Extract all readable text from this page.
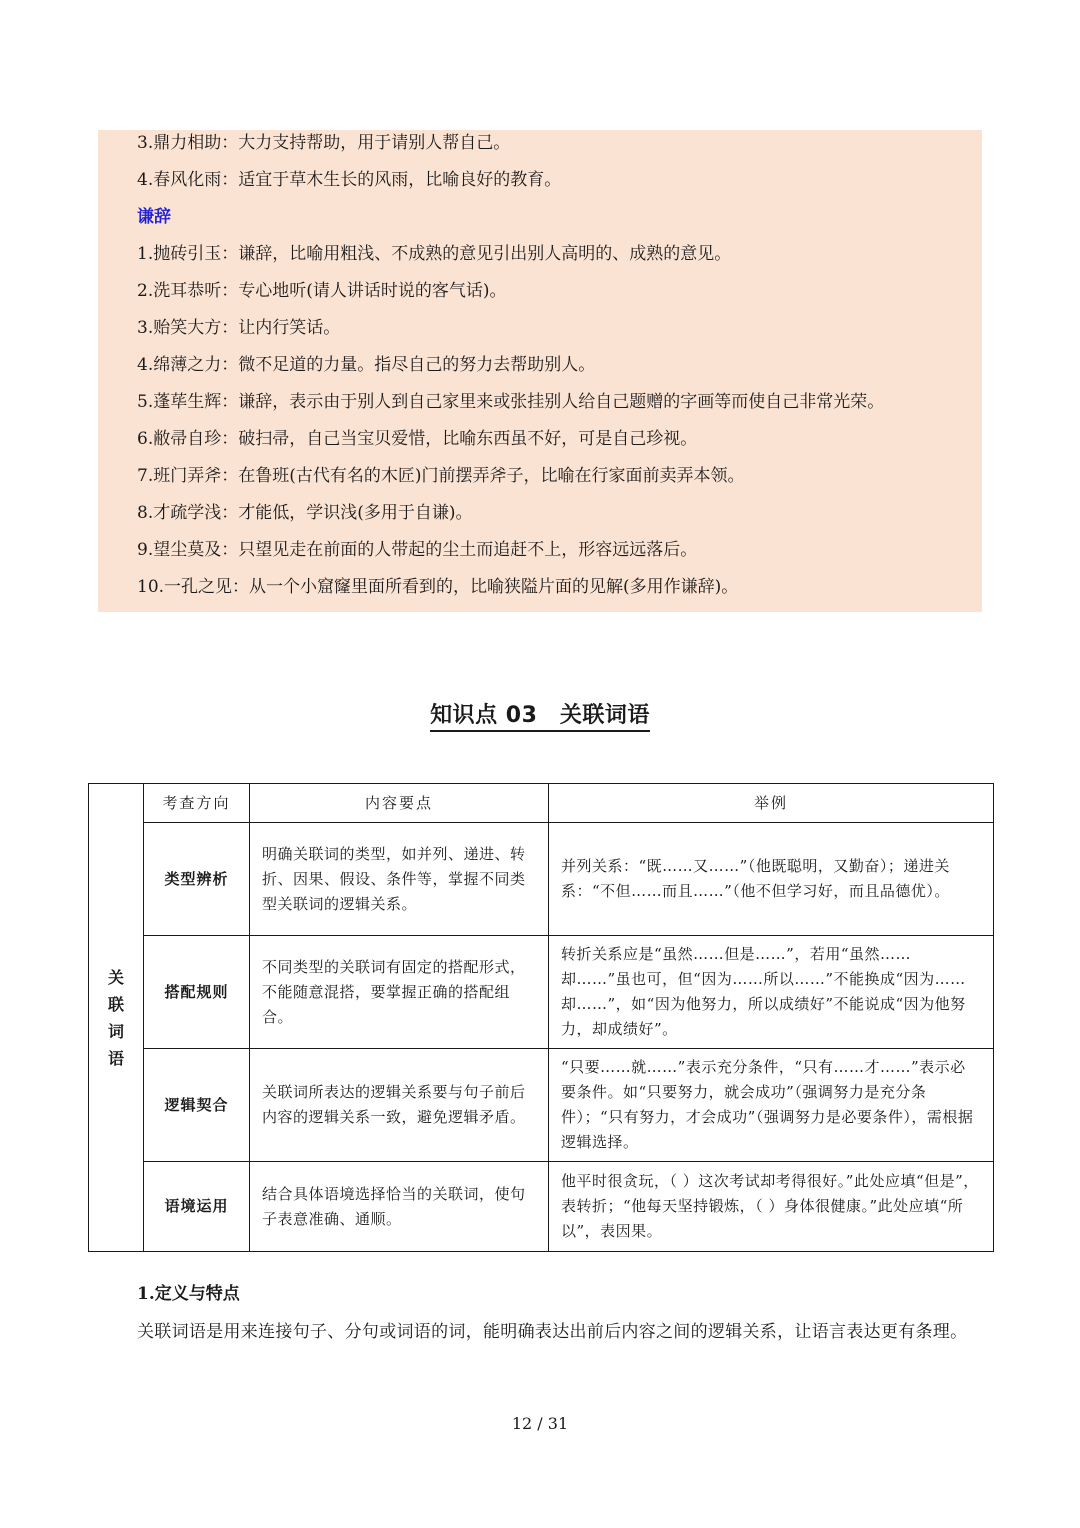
3.鼎力相助：大力支持帮助，用于请别人帮自己。
4.春风化雨：适宜于草木生长的风雨，比喻良好的教育。
谦辞
1.抛砖引玉：谦辞，比喻用粗浅、不成熟的意见引出别人高明的、成熟的意见。
2.洗耳恭听：专心地听(请人讲话时说的客气话)。
3.贻笑大方：让内行笑话。
4.绵薄之力：微不足道的力量。指尽自己的努力去帮助别人。
5.蓬荜生辉：谦辞，表示由于别人到自己家里来或张挂别人给自己题赠的字画等而使自己非常光荣。
6.敝帚自珍：破扫帚，自己当宝贝爱惜，比喻东西虽不好，可是自己珍视。
7.班门弄斧：在鲁班(古代有名的木匠)门前摆弄斧子，比喻在行家面前卖弄本领。
8.才疏学浅：才能低，学识浅(多用于自谦)。
9.望尘莫及：只望见走在前面的人带起的尘土而追赶不上，形容远远落后。
10.一孔之见：从一个小窟窿里面所看到的，比喻狭隘片面的见解(多用作谦辞)。
知识点 03　关联词语
关联词语	考查方向	内容要点	举例
	类型辨析	明确关联词的类型，如并列、递进、转折、因果、假设、条件等，掌握不同类型关联词的逻辑关系。	并列关系：“既……又……”（他既聪明，又勤奋）；递进关系：“不但……而且……”（他不但学习好，而且品德优）。
	搭配规则	不同类型的关联词有固定的搭配形式，不能随意混搭，要掌握正确的搭配组合。	转折关系应是“虽然……但是……”，若用“虽然…… 却……”虽也可，但“因为……所以……”不能换成“因为……却……”，如“因为他努力，所以成绩好”不能说成“因为他努力，却成绩好”。
	逻辑契合	关联词所表达的逻辑关系要与句子前后内容的逻辑关系一致，避免逻辑矛盾。	“只要……就……”表示充分条件，“只有……才……”表示必要条件。如“只要努力，就会成功”（强调努力是充分条件）；“只有努力，才会成功”（强调努力是必要条件），需根据逻辑选择。
	语境运用	结合具体语境选择恰当的关联词，使句子表意准确、通顺。	他平时很贪玩，（ ）这次考试却考得很好。”此处应填“但是”，表转折；“他每天坚持锻炼，（ ）身体很健康。”此处应填“所以”，表因果。
1.定义与特点
关联词语是用来连接句子、分句或词语的词，能明确表达出前后内容之间的逻辑关系，让语言表达更有条理。
12 / 31
